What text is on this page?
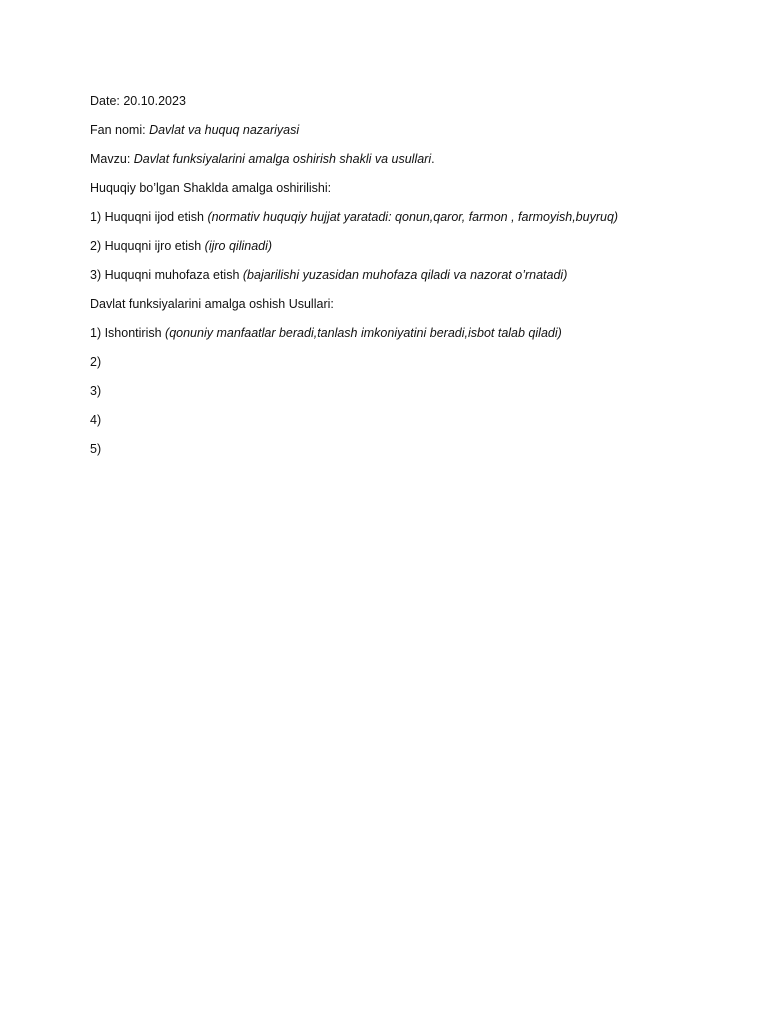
Date: 20.10.2023
Fan nomi: Davlat va huquq nazariyasi
Mavzu: Davlat funksiyalarini amalga oshirish shakli va usullari.
Huquqiy bo’lgan Shaklda amalga oshirilishi:
1) Huquqni ijod etish (normativ huquqiy hujjat yaratadi: qonun,qaror, farmon , farmoyish,buyruq)
2) Huquqni ijro etish (ijro qilinadi)
3) Huquqni muhofaza etish (bajarilishi yuzasidan muhofaza qiladi va nazorat o’rnatadi)
Davlat funksiyalarini amalga oshish Usullari:
1) Ishontirish (qonuniy manfaatlar beradi,tanlash imkoniyatini beradi,isbot talab qiladi)
2)
3)
4)
5)
